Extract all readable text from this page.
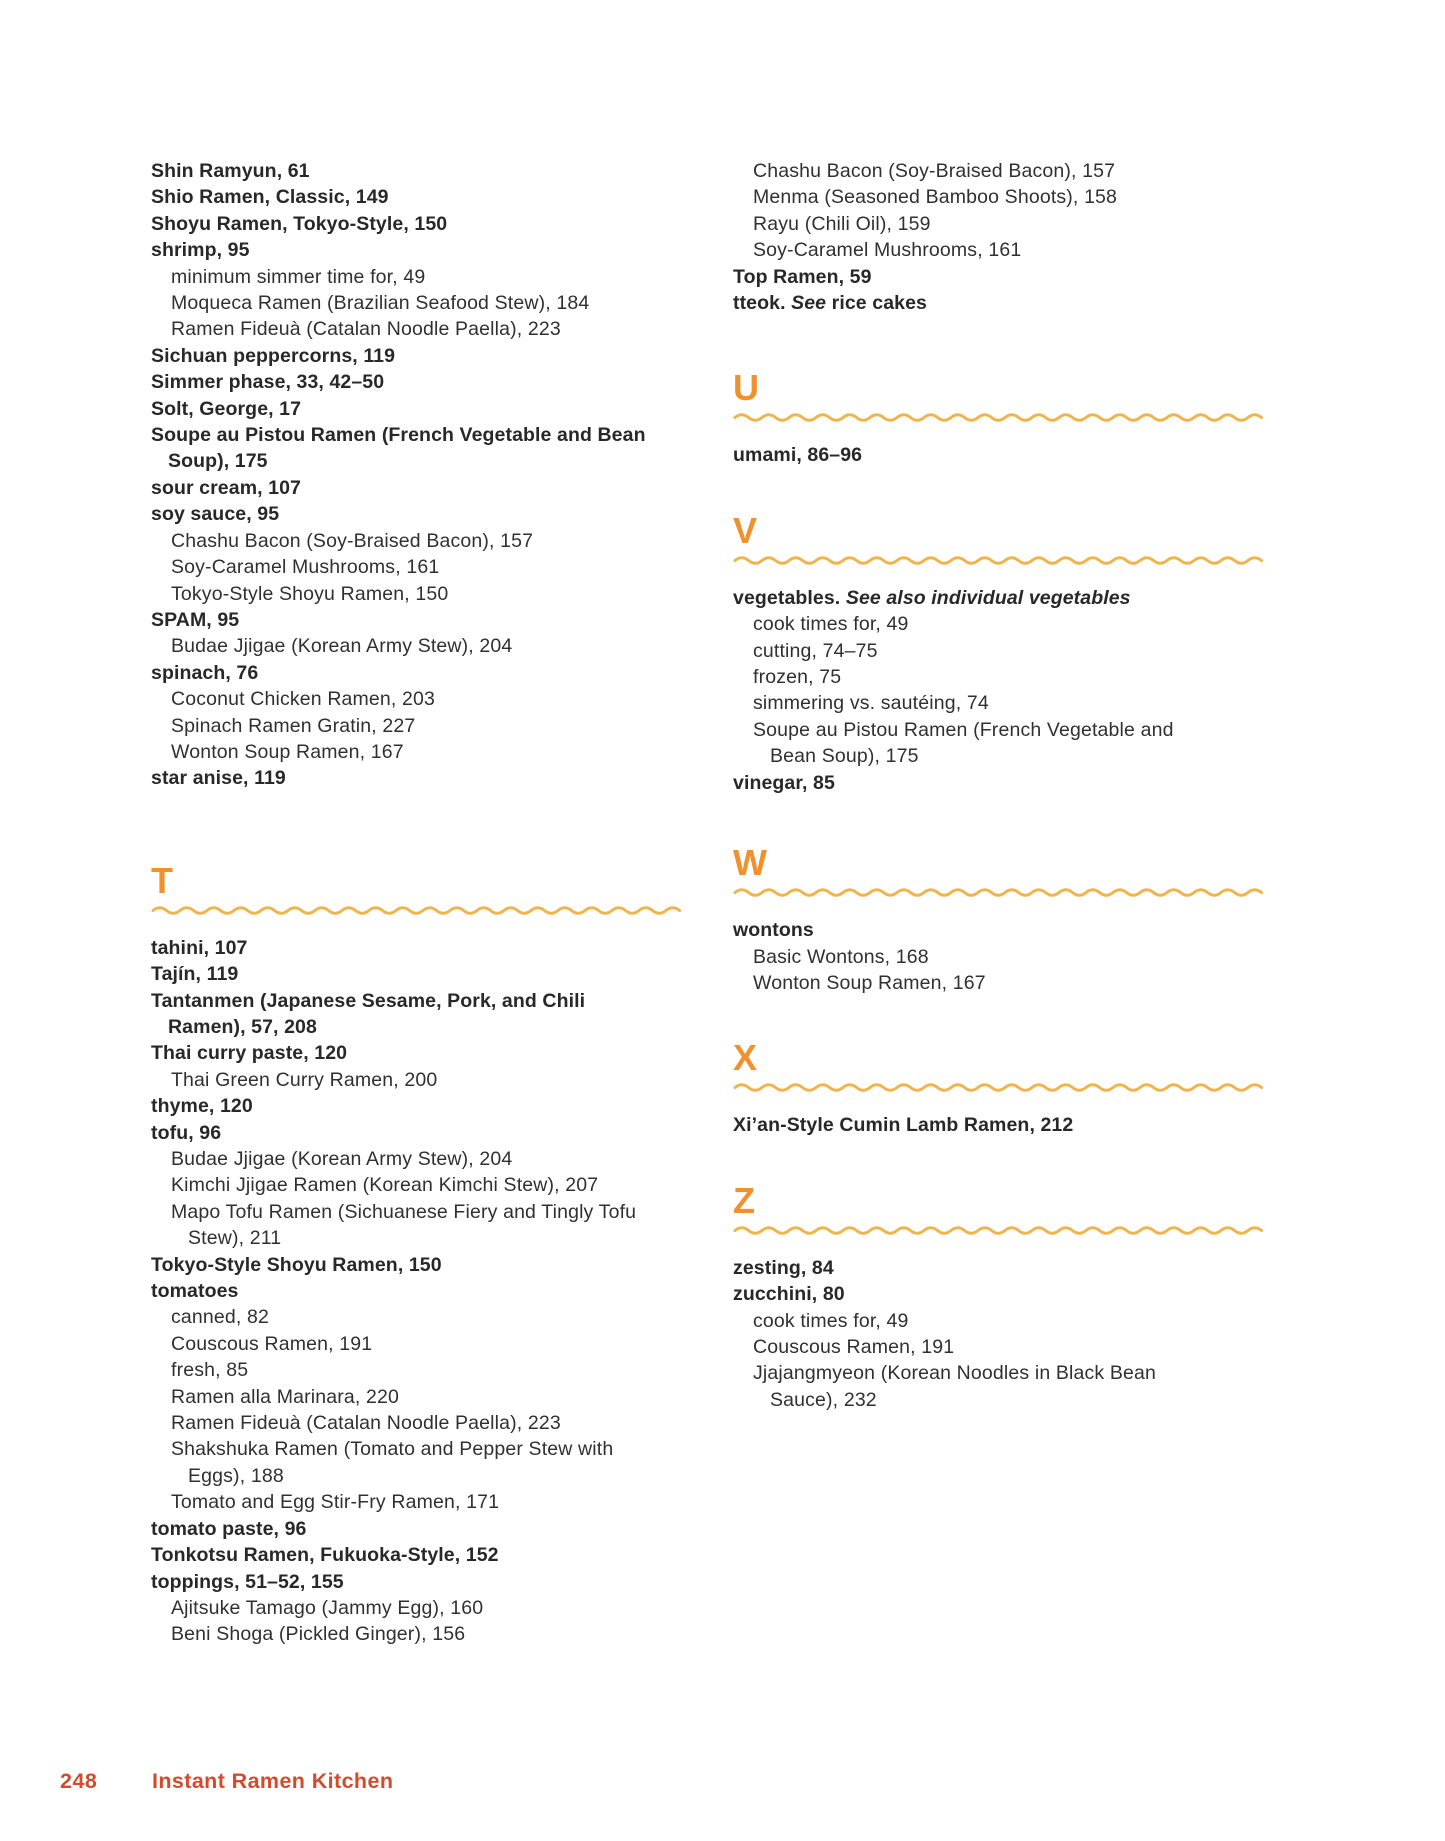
Shin Ramyun, 61
Shio Ramen, Classic, 149
Shoyu Ramen, Tokyo-Style, 150
shrimp, 95
minimum simmer time for, 49
Moqueca Ramen (Brazilian Seafood Stew), 184
Ramen Fideuà (Catalan Noodle Paella), 223
Sichuan peppercorns, 119
Simmer phase, 33, 42–50
Solt, George, 17
Soupe au Pistou Ramen (French Vegetable and Bean
Soup), 175
sour cream, 107
soy sauce, 95
Chashu Bacon (Soy-Braised Bacon), 157
Soy-Caramel Mushrooms, 161
Tokyo-Style Shoyu Ramen, 150
SPAM, 95
Budae Jjigae (Korean Army Stew), 204
spinach, 76
Coconut Chicken Ramen, 203
Spinach Ramen Gratin, 227
Wonton Soup Ramen, 167
star anise, 119
T
tahini, 107
Tajín, 119
Tantanmen (Japanese Sesame, Pork, and Chili
Ramen), 57, 208
Thai curry paste, 120
Thai Green Curry Ramen, 200
thyme, 120
tofu, 96
Budae Jjigae (Korean Army Stew), 204
Kimchi Jjigae Ramen (Korean Kimchi Stew), 207
Mapo Tofu Ramen (Sichuanese Fiery and Tingly Tofu
Stew), 211
Tokyo-Style Shoyu Ramen, 150
tomatoes
canned, 82
Couscous Ramen, 191
fresh, 85
Ramen alla Marinara, 220
Ramen Fideuà (Catalan Noodle Paella), 223
Shakshuka Ramen (Tomato and Pepper Stew with
Eggs), 188
Tomato and Egg Stir-Fry Ramen, 171
tomato paste, 96
Tonkotsu Ramen, Fukuoka-Style, 152
toppings, 51–52, 155
Ajitsuke Tamago (Jammy Egg), 160
Beni Shoga (Pickled Ginger), 156
Chashu Bacon (Soy-Braised Bacon), 157
Menma (Seasoned Bamboo Shoots), 158
Rayu (Chili Oil), 159
Soy-Caramel Mushrooms, 161
Top Ramen, 59
tteok. See rice cakes
U
umami, 86–96
V
vegetables. See also individual vegetables
cook times for, 49
cutting, 74–75
frozen, 75
simmering vs. sautéing, 74
Soupe au Pistou Ramen (French Vegetable and
Bean Soup), 175
vinegar, 85
W
wontons
Basic Wontons, 168
Wonton Soup Ramen, 167
X
Xi’an-Style Cumin Lamb Ramen, 212
Z
zesting, 84
zucchini, 80
cook times for, 49
Couscous Ramen, 191
Jjajangmyeon (Korean Noodles in Black Bean
Sauce), 232
248	Instant Ramen Kitchen
